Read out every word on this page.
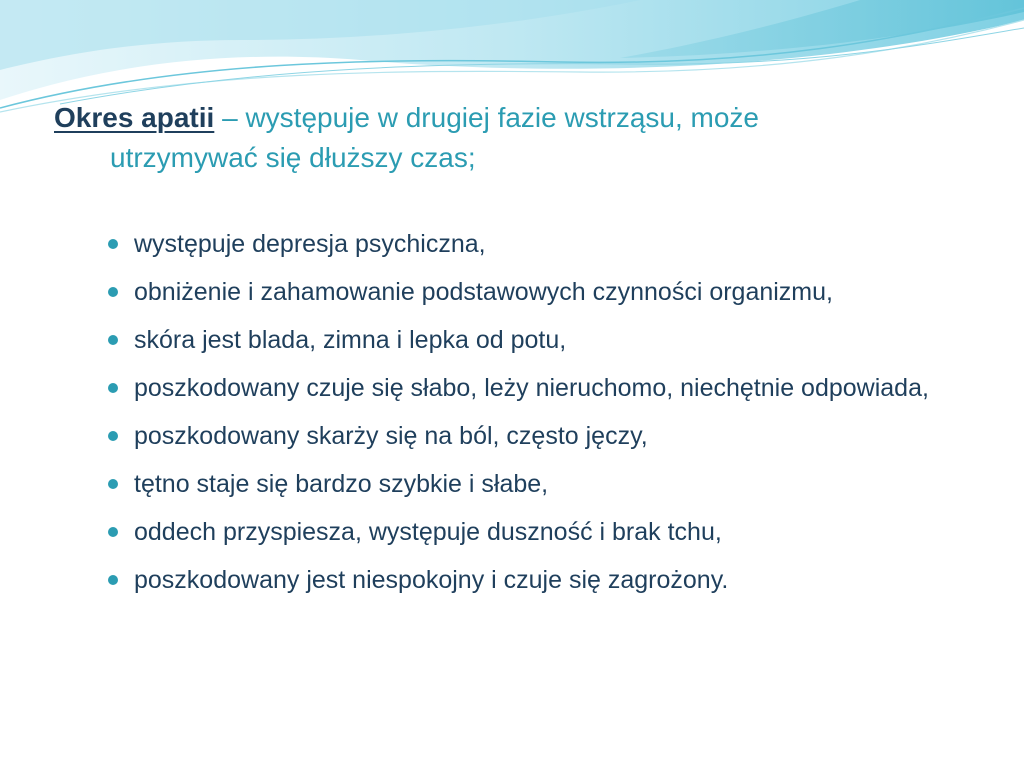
Okres apatii – występuje w drugiej fazie wstrząsu, może
utrzymywać się dłuższy czas;
występuje depresja psychiczna,
obniżenie i zahamowanie podstawowych czynności organizmu,
skóra jest blada, zimna i lepka od potu,
poszkodowany czuje się słabo, leży nieruchomo, niechętnie odpowiada,
poszkodowany skarży się na ból, często jęczy,
tętno staje się bardzo szybkie i słabe,
oddech przyspiesza, występuje duszność i brak tchu,
poszkodowany jest niespokojny i czuje się zagrożony.
